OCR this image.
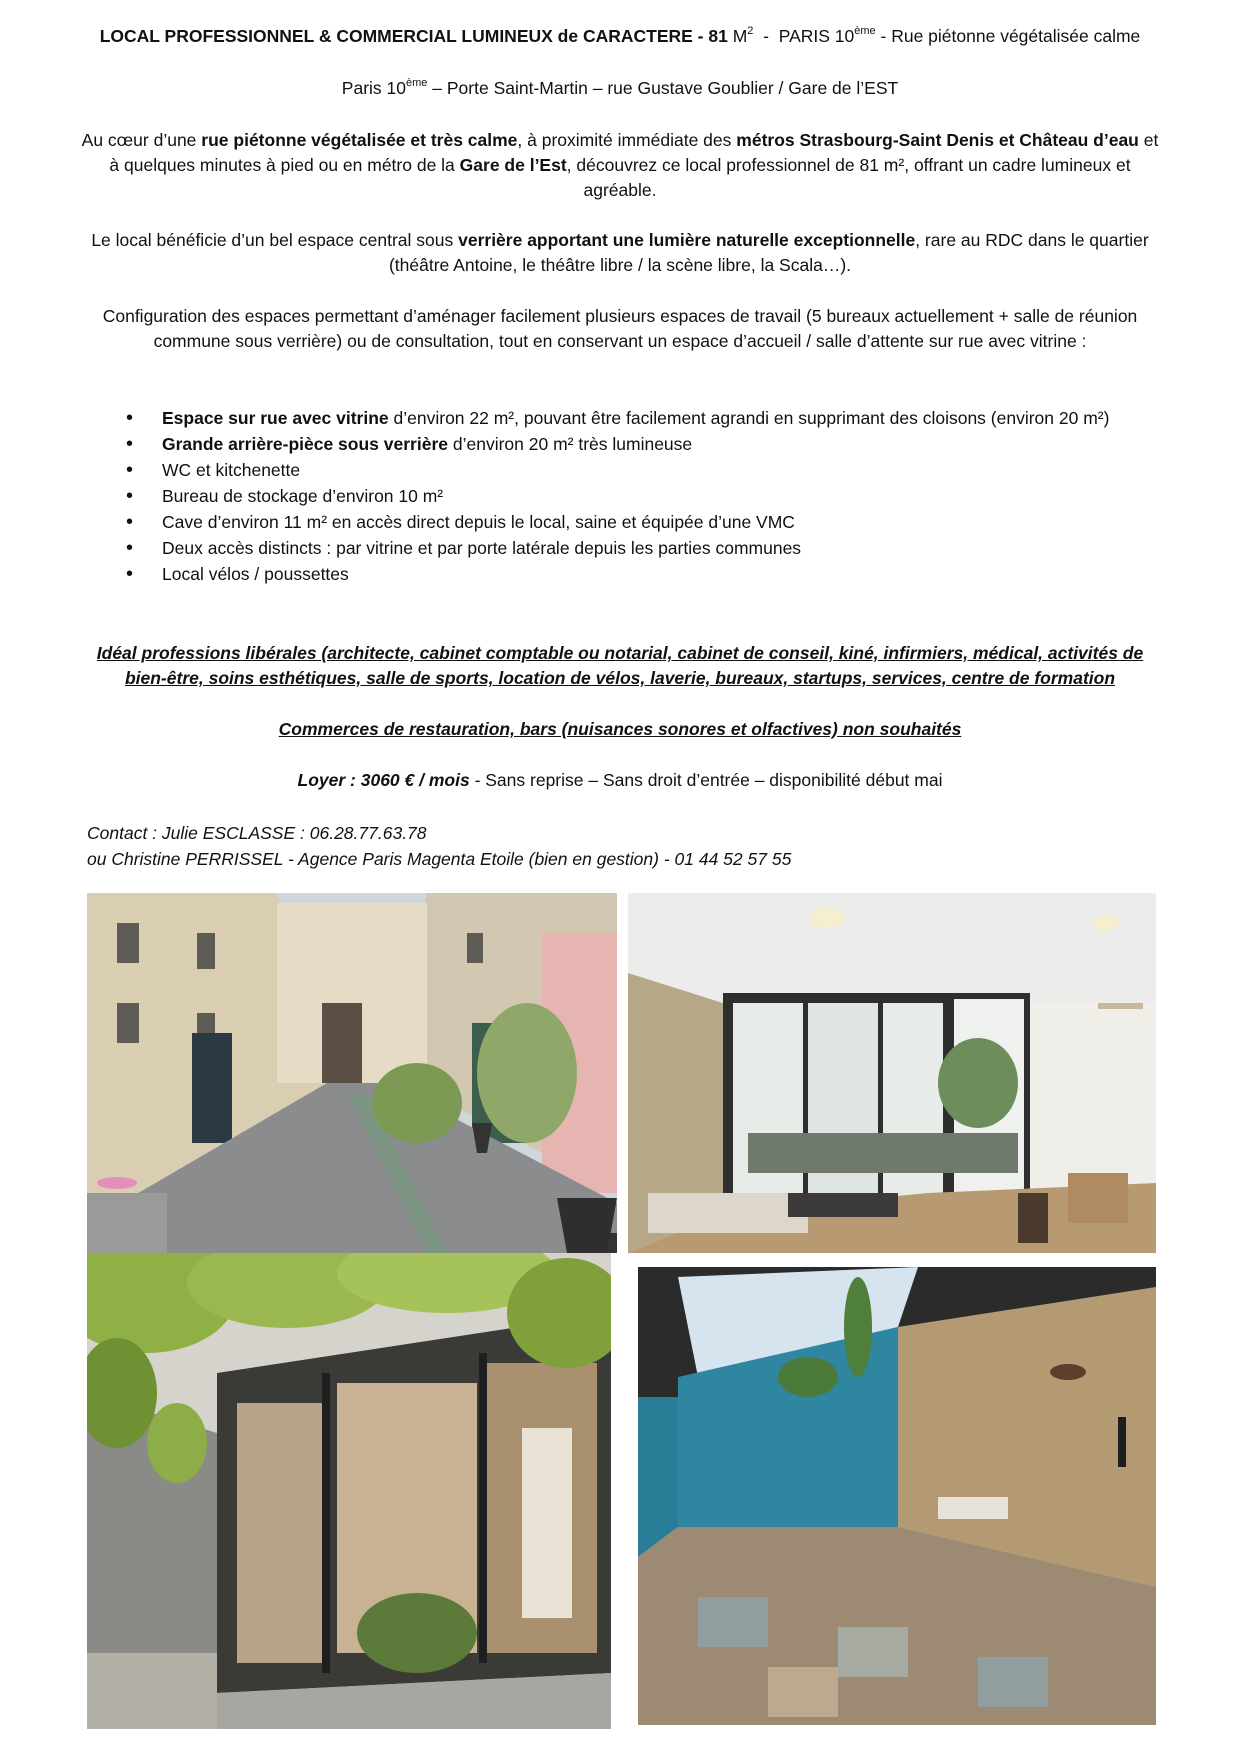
LOCAL PROFESSIONNEL & COMMERCIAL LUMINEUX de CARACTERE - 81 $M^2$ - PARIS 10ème - Rue piétonne végétalisée calme
Paris 10ème – Porte Saint-Martin – rue Gustave Goublier / Gare de l’EST
Au cœur d’une rue piétonne végétalisée et très calme, à proximité immédiate des métros Strasbourg-Saint Denis et Château d’eau et à quelques minutes à pied ou en métro de la Gare de l’Est, découvrez ce local professionnel de 81 m², offrant un cadre lumineux et agréable.
Le local bénéficie d’un bel espace central sous verrière apportant une lumière naturelle exceptionnelle, rare au RDC dans le quartier (théâtre Antoine, le théâtre libre / la scène libre, la Scala…).
Configuration des espaces permettant d’aménager facilement plusieurs espaces de travail (5 bureaux actuellement + salle de réunion commune sous verrière) ou de consultation, tout en conservant un espace d’accueil / salle d’attente sur rue avec vitrine :
• Espace sur rue avec vitrine d’environ 22 m², pouvant être facilement agrandi en supprimant des cloisons (environ 20 m²)
• Grande arrière-pièce sous verrière d’environ 20 m² très lumineuse
• WC et kitchenette
• Bureau de stockage d’environ 10 m²
• Cave d’environ 11 m² en accès direct depuis le local, saine et équipée d’une VMC
• Deux accès distincts : par vitrine et par porte latérale depuis les parties communes
• Local vélos / poussettes
Idéal professions libérales (architecte, cabinet comptable ou notarial, cabinet de conseil, kiné, infirmiers, médical, activités de bien-être, soins esthétiques, salle de sports, location de vélos, laverie, bureaux, startups, services, centre de formation
Commerces de restauration, bars (nuisances sonores et olfactives) non souhaités
Loyer : 3060 € / mois - Sans reprise – Sans droit d’entrée – disponibilité début mai
Contact : Julie ESCLASSE : 06.28.77.63.78
ou Christine PERRISSEL - Agence Paris Magenta Etoile (bien en gestion) - 01 44 52 57 55
